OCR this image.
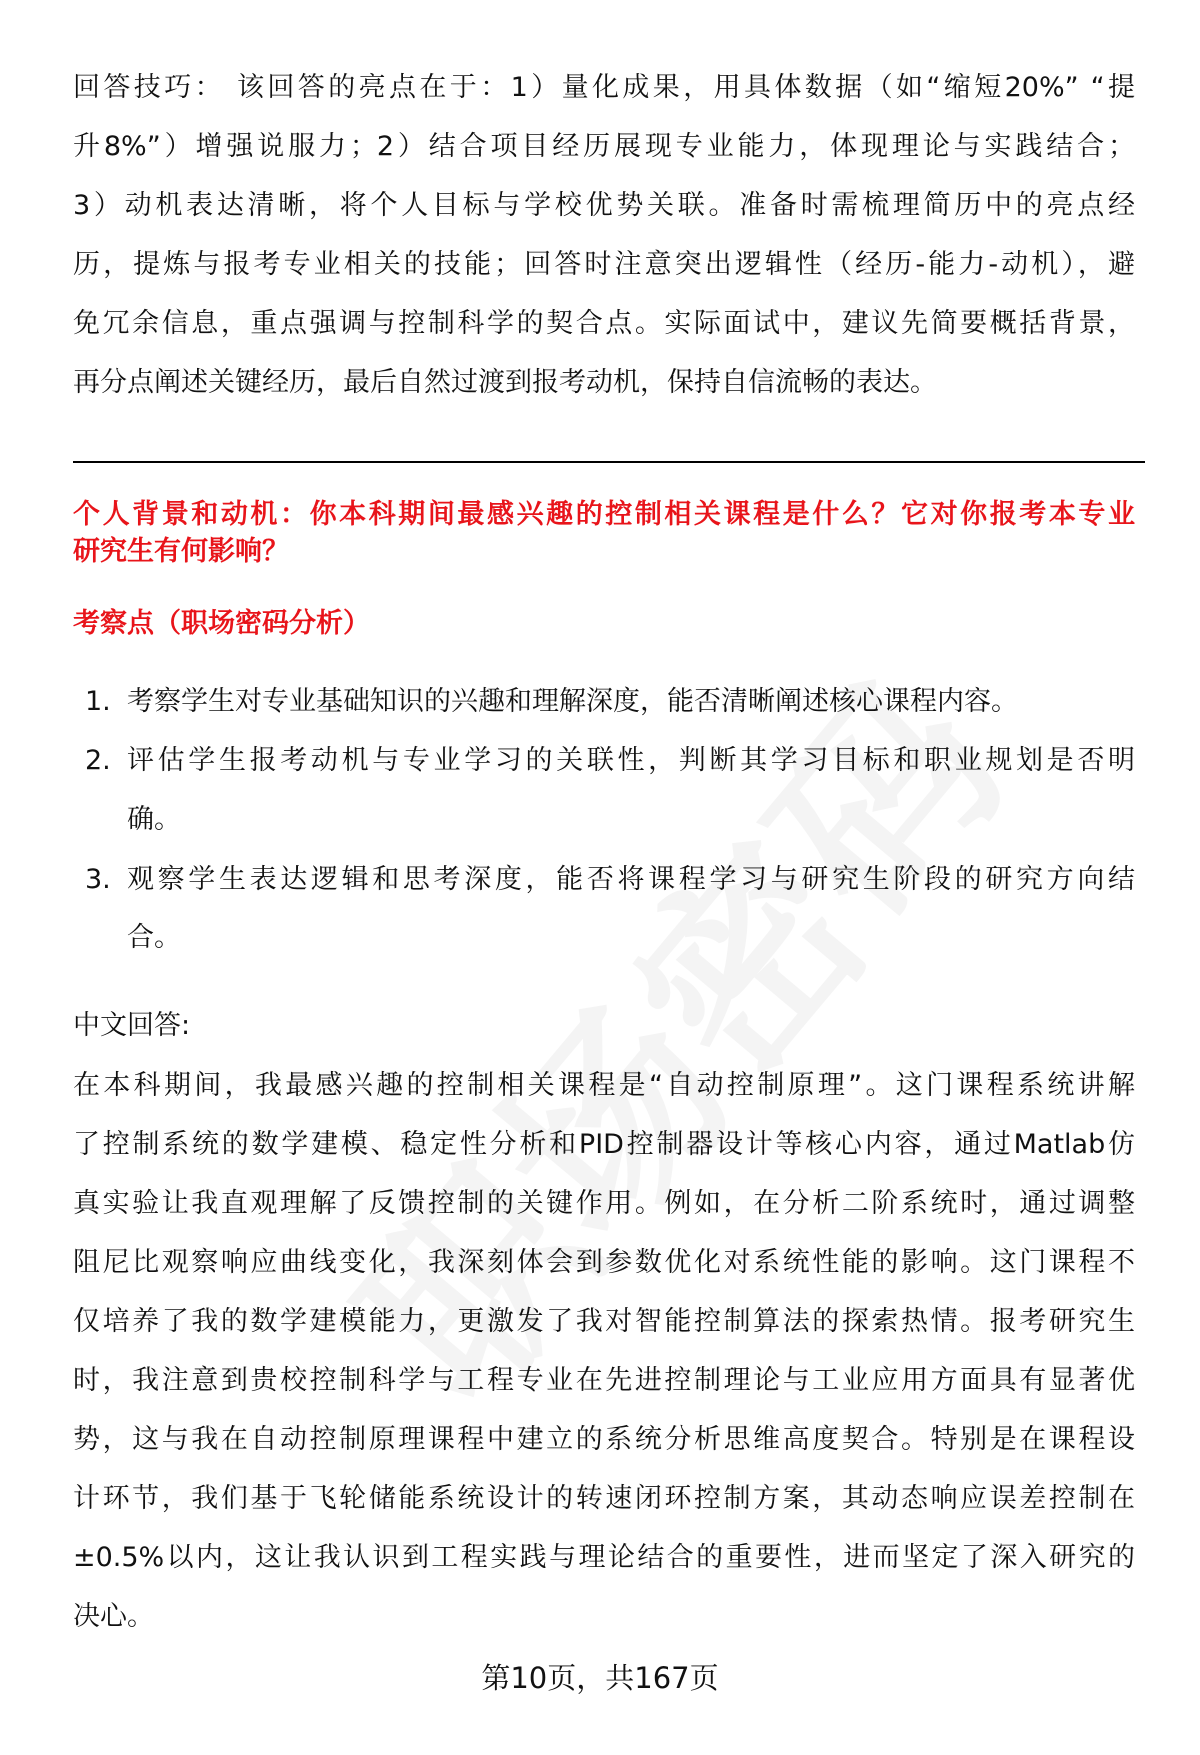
回答技巧： 该回答的亮点在于：1）量化成果，用具体数据（如“缩短20%” “提
升8%”）增强说服力；2）结合项目经历展现专业能力，体现理论与实践结合；
3）动机表达清晰，将个人目标与学校优势关联。准备时需梳理简历中的亮点经
历，提炼与报考专业相关的技能；回答时注意突出逻辑性（经历-能力-动机），避
免冗余信息，重点强调与控制科学的契合点。实际面试中，建议先简要概括背景，
再分点阐述关键经历，最后自然过渡到报考动机，保持自信流畅的表达。
个人背景和动机：你本科期间最感兴趣的控制相关课程是什么？它对你报考本专业
研究生有何影响？
考察点（职场密码分析）
1. 考察学生对专业基础知识的兴趣和理解深度，能否清晰阐述核心课程内容。
2. 评估学生报考动机与专业学习的关联性，判断其学习目标和职业规划是否明
确。
3. 观察学生表达逻辑和思考深度，能否将课程学习与研究生阶段的研究方向结
合。
中文回答:
在本科期间，我最感兴趣的控制相关课程是“自动控制原理”。这门课程系统讲解
了控制系统的数学建模、稳定性分析和PID控制器设计等核心内容，通过Matlab仿
真实验让我直观理解了反馈控制的关键作用。例如，在分析二阶系统时，通过调整
阻尼比观察响应曲线变化，我深刻体会到参数优化对系统性能的影响。这门课程不
仅培养了我的数学建模能力，更激发了我对智能控制算法的探索热情。报考研究生
时，我注意到贵校控制科学与工程专业在先进控制理论与工业应用方面具有显著优
势，这与我在自动控制原理课程中建立的系统分析思维高度契合。特别是在课程设
计环节，我们基于飞轮储能系统设计的转速闭环控制方案，其动态响应误差控制在
±0.5%以内，这让我认识到工程实践与理论结合的重要性，进而坚定了深入研究的
决心。
第10页，共167页
